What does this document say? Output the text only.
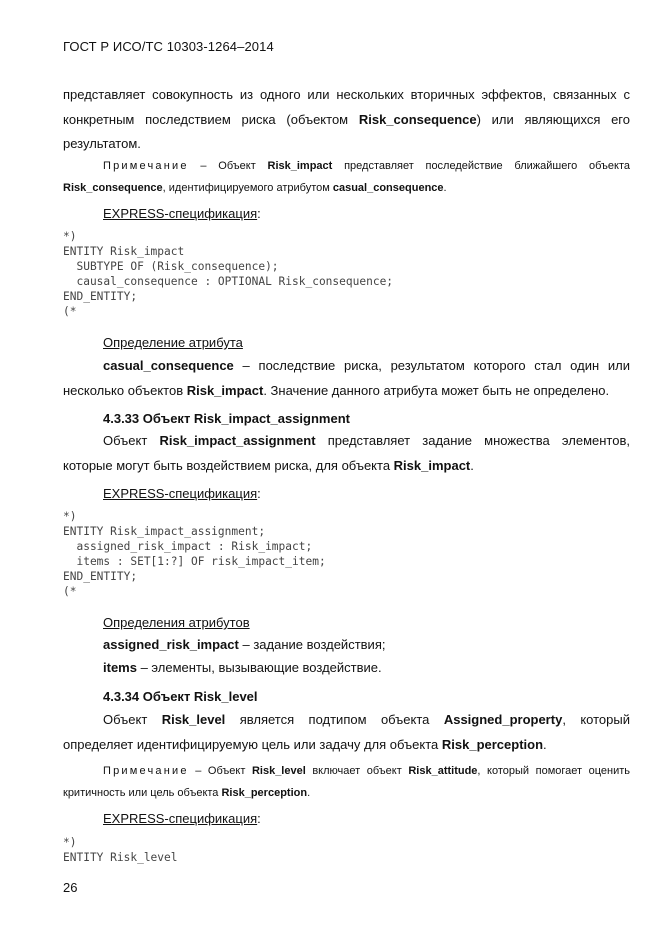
ГОСТ Р ИСО/ТС 10303-1264–2014

представляет совокупность из одного или нескольких вторичных эффектов, связанных с конкретным последствием риска (объектом Risk_consequence) или являющихся его результатом.

Примечание – Объект Risk_impact представляет последействие ближайшего объекта Risk_consequence, идентифицируемого атрибутом casual_consequence.

EXPRESS-спецификация:

*)
ENTITY Risk_impact
SUBTYPE OF (Risk_consequence);
causal_consequence : OPTIONAL Risk_consequence;
END_ENTITY;
(*

Определение атрибута

casual_consequence – последствие риска, результатом которого стал один или несколько объектов Risk_impact. Значение данного атрибута может быть не определено.

4.3.33 Объект Risk_impact_assignment

Объект Risk_impact_assignment представляет задание множества элементов, которые могут быть воздействием риска, для объекта Risk_impact.

EXPRESS-спецификация:

*)
ENTITY Risk_impact_assignment;
assigned_risk_impact : Risk_impact;
items : SET[1:?] OF risk_impact_item;
END_ENTITY;
(*

Определения атрибутов

assigned_risk_impact – задание воздействия;

items – элементы, вызывающие воздействие.

4.3.34 Объект Risk_level

Объект Risk_level является подтипом объекта Assigned_property, который определяет идентифицируемую цель или задачу для объекта Risk_perception.

Примечание – Объект Risk_level включает объект Risk_attitude, который помогает оценить критичность или цель объекта Risk_perception.

EXPRESS-спецификация:

*)
ENTITY Risk_level
26
